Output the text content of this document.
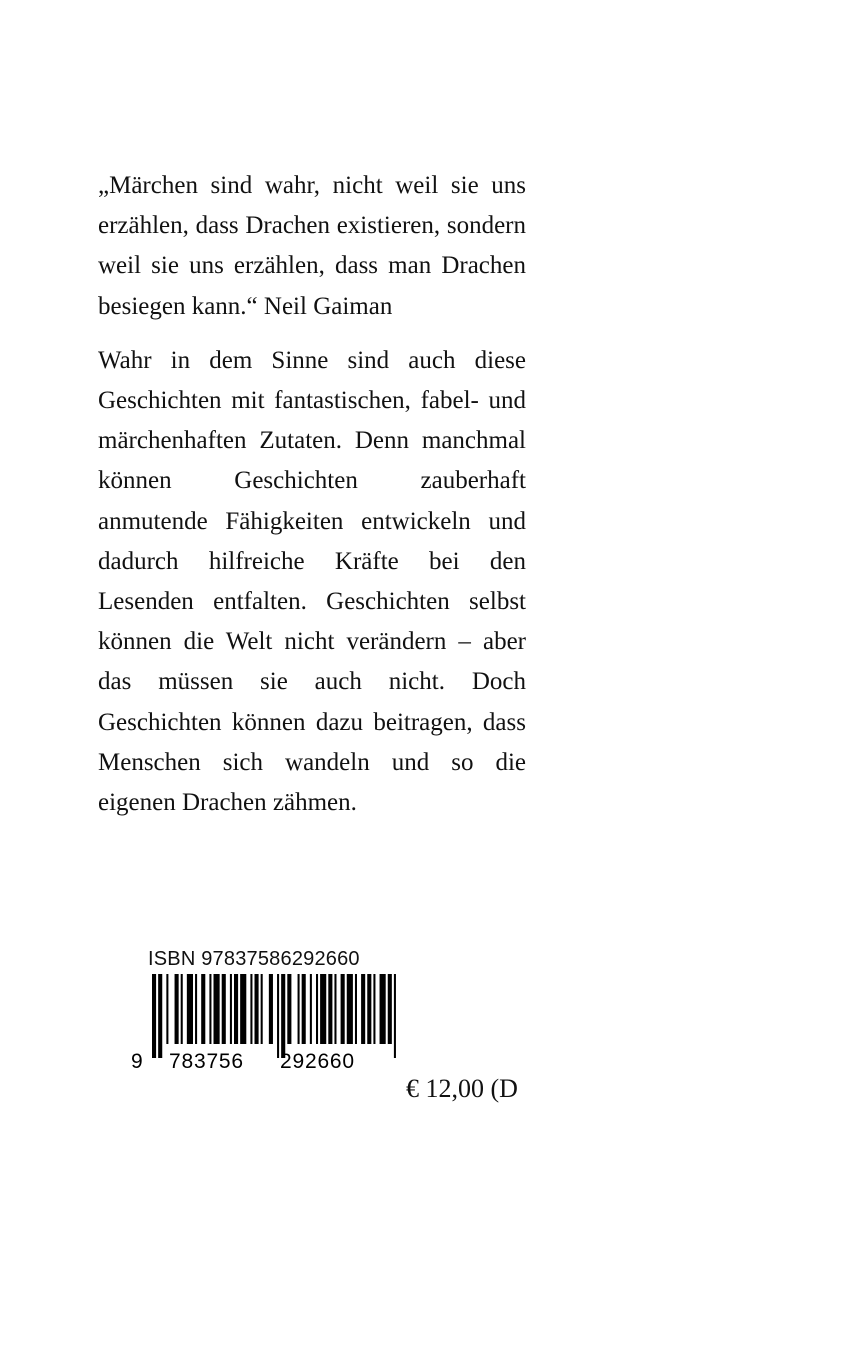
„Märchen sind wahr, nicht weil sie uns erzählen, dass Drachen existieren, sondern weil sie uns erzählen, dass man Drachen besiegen kann.“ Neil Gaiman

Wahr in dem Sinne sind auch diese Geschichten mit fantastischen, fabel- und märchenhaften Zutaten. Denn manchmal können Geschichten zauberhaft anmutende Fähigkeiten entwickeln und dadurch hilfreiche Kräfte bei den Lesenden entfalten. Geschichten selbst können die Welt nicht verändern – aber das müssen sie auch nicht. Doch Geschichten können dazu beitragen, dass Menschen sich wandeln und so die eigenen Drachen zähmen.

ISBN 97837586292660
9 783756 292660
€ 12,00 (D
